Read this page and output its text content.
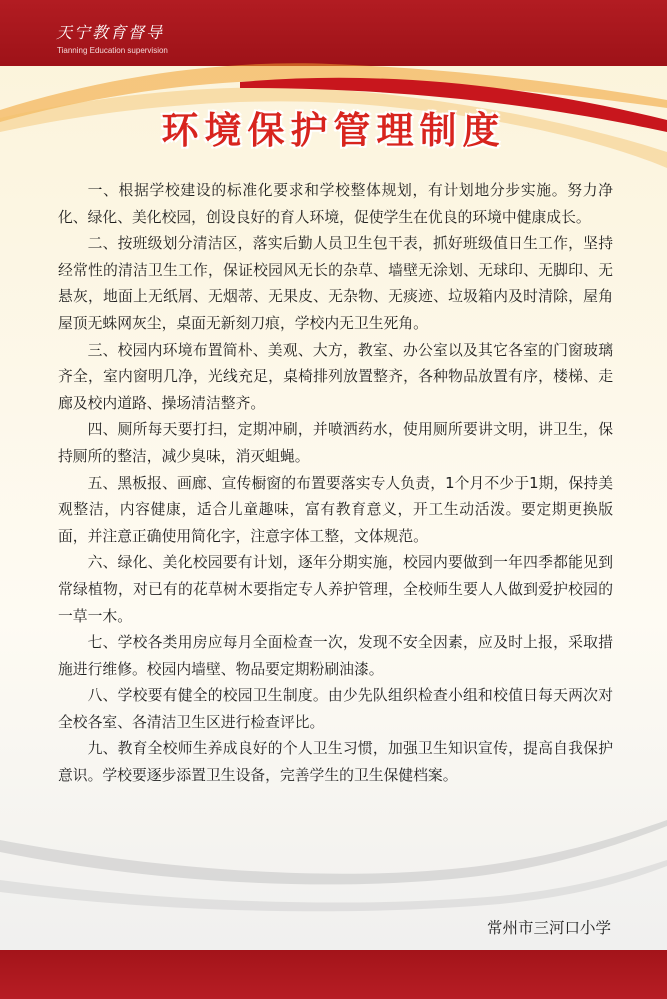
天宁教育督导
Tianning Education supervision
环境保护管理制度

一、根据学校建设的标准化要求和学校整体规划，有计划地分步实施。努力净化、绿化、美化校园，创设良好的育人环境，促使学生在优良的环境中健康成长。

二、按班级划分清洁区，落实后勤人员卫生包干表，抓好班级值日生工作，坚持经常性的清洁卫生工作，保证校园风无长的杂草、墙壁无涂划、无球印、无脚印、无悬灰，地面上无纸屑、无烟蒂、无果皮、无杂物、无痰迹、垃圾箱内及时清除，屋角屋顶无蛛网灰尘，桌面无新刻刀痕，学校内无卫生死角。

三、校园内环境布置简朴、美观、大方，教室、办公室以及其它各室的门窗玻璃齐全，室内窗明几净，光线充足，桌椅排列放置整齐，各种物品放置有序，楼梯、走廊及校内道路、操场清洁整齐。

四、厕所每天要打扫，定期冲刷，并喷洒药水，使用厕所要讲文明，讲卫生，保持厕所的整洁，减少臭味，消灭蛆蝇。

五、黑板报、画廊、宣传橱窗的布置要落实专人负责，1个月不少于1期，保持美观整洁，内容健康，适合儿童趣味，富有教育意义，开工生动活泼。要定期更换版面，并注意正确使用简化字，注意字体工整，文体规范。

六、绿化、美化校园要有计划，逐年分期实施，校园内要做到一年四季都能见到常绿植物，对已有的花草树木要指定专人养护管理，全校师生要人人做到爱护校园的一草一木。

七、学校各类用房应每月全面检查一次，发现不安全因素，应及时上报，采取措施进行维修。校园内墙壁、物品要定期粉刷油漆。

八、学校要有健全的校园卫生制度。由少先队组织检查小组和校值日每天两次对全校各室、各清洁卫生区进行检查评比。

九、教育全校师生养成良好的个人卫生习惯，加强卫生知识宣传，提高自我保护意识。学校要逐步添置卫生设备，完善学生的卫生保健档案。

常州市三河口小学
